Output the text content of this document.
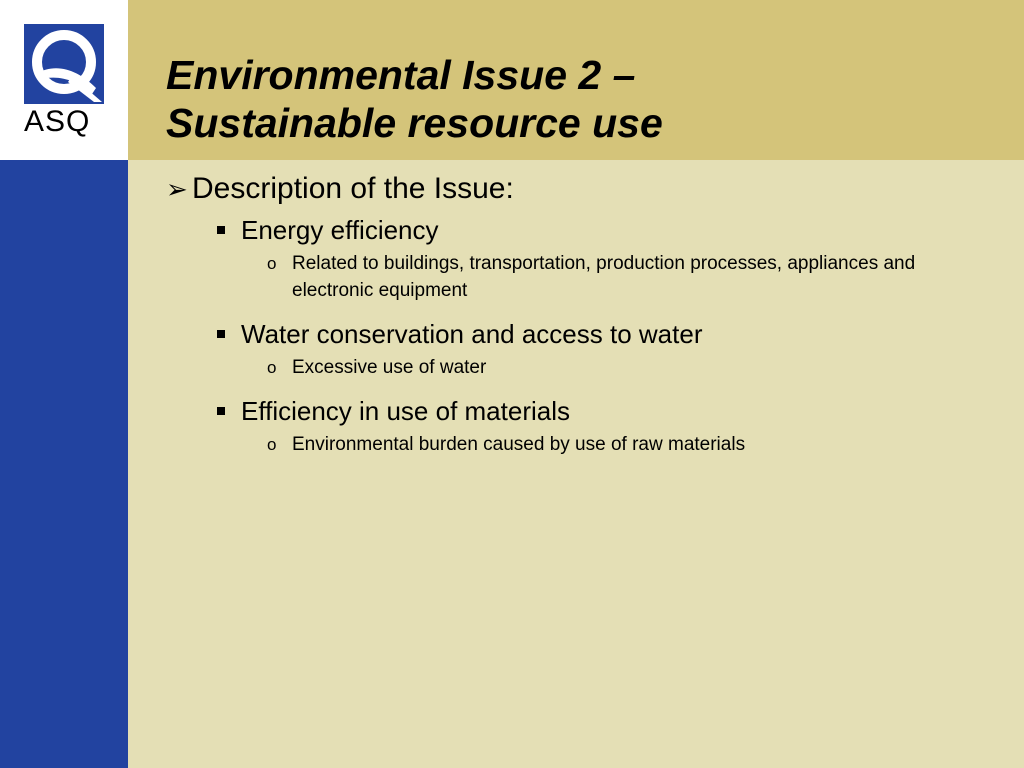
ASQ
Environmental Issue 2 –
Sustainable resource use
➢ Description of the Issue:
Energy efficiency
o Related to buildings, transportation, production processes, appliances and electronic equipment
Water conservation and access to water
o Excessive use of water
Efficiency in use of materials
o Environmental burden caused by use of raw materials
